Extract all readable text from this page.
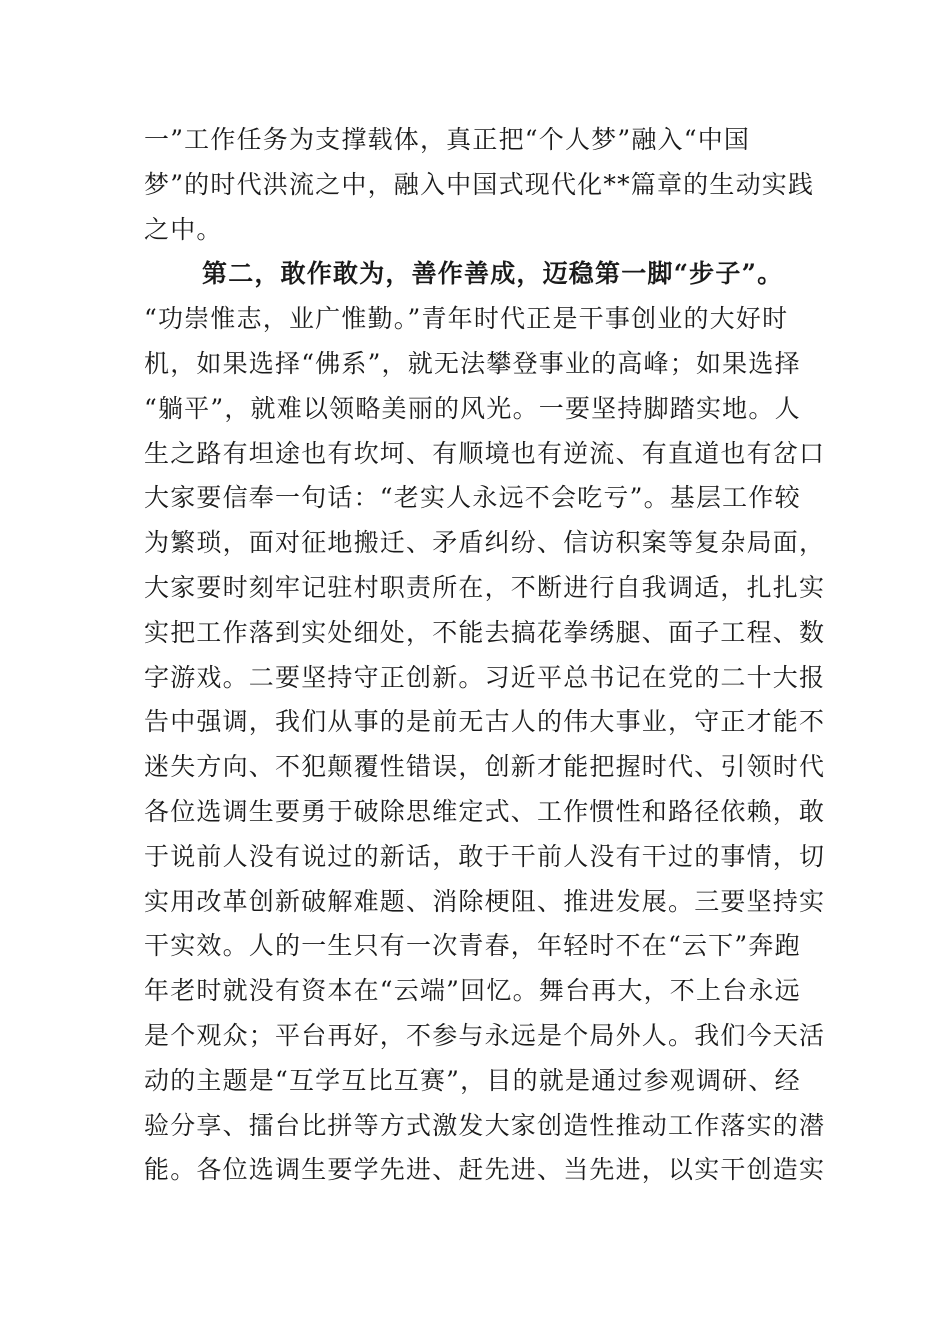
一”工作任务为支撑载体，真正把“个人梦”融入“中国
梦”的时代洪流之中，融入中国式现代化**篇章的生动实践
之中。
第二，敢作敢为，善作善成，迈稳第一脚“步子”。
“功崇惟志，业广惟勤。”青年时代正是干事创业的大好时
机，如果选择“佛系”，就无法攀登事业的高峰；如果选择
“躺平”，就难以领略美丽的风光。一要坚持脚踏实地。人
生之路有坦途也有坎坷、有顺境也有逆流、有直道也有岔口
大家要信奉一句话：“老实人永远不会吃亏”。基层工作较
为繁琐，面对征地搬迁、矛盾纠纷、信访积案等复杂局面，
大家要时刻牢记驻村职责所在，不断进行自我调适，扎扎实
实把工作落到实处细处，不能去搞花拳绣腿、面子工程、数
字游戏。二要坚持守正创新。习近平总书记在党的二十大报
告中强调，我们从事的是前无古人的伟大事业，守正才能不
迷失方向、不犯颠覆性错误，创新才能把握时代、引领时代
各位选调生要勇于破除思维定式、工作惯性和路径依赖，敢
于说前人没有说过的新话，敢于干前人没有干过的事情，切
实用改革创新破解难题、消除梗阻、推进发展。三要坚持实
干实效。人的一生只有一次青春，年轻时不在“云下”奔跑
年老时就没有资本在“云端”回忆。舞台再大，不上台永远
是个观众；平台再好，不参与永远是个局外人。我们今天活
动的主题是“互学互比互赛”，目的就是通过参观调研、经
验分享、擂台比拼等方式激发大家创造性推动工作落实的潜
能。各位选调生要学先进、赶先进、当先进，以实干创造实
